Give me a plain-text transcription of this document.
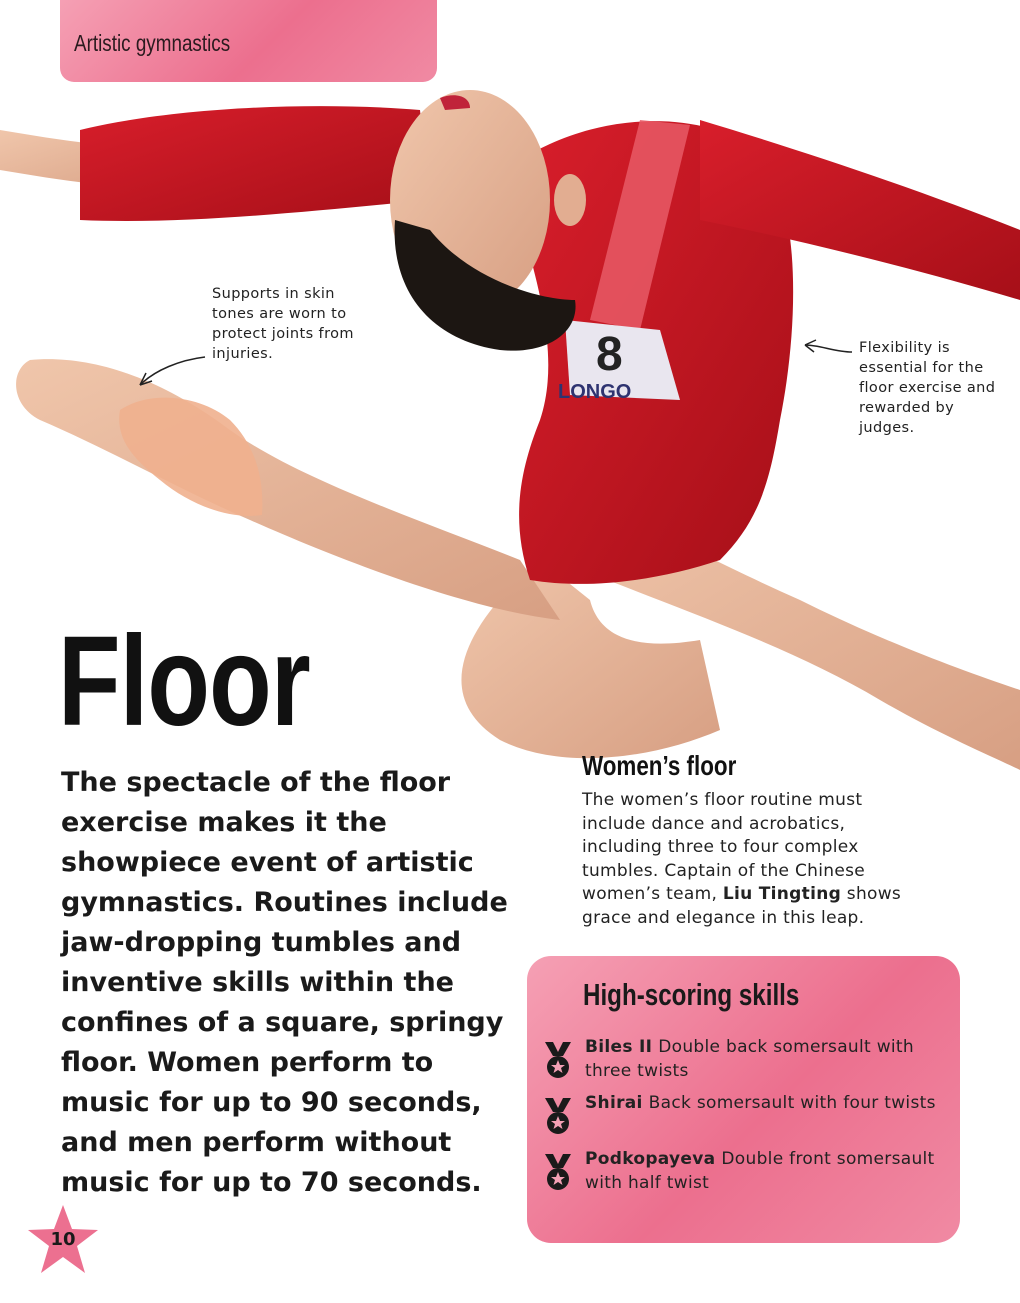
Artistic gymnastics
8
LONGO
Supports in skin tones are worn to protect joints from injuries.	Flexibility is essential for the floor exercise and rewarded by judges.
Floor

The spectacle of the floor exercise makes it the showpiece event of artistic gymnastics. Routines include jaw-dropping tumbles and inventive skills within the confines of a square, springy floor. Women perform to music for up to 90 seconds, and men perform without music for up to 70 seconds.

Women’s floor

The women’s floor routine must include dance and acrobatics, including three to four complex tumbles. Captain of the Chinese women’s team, Liu Tingting shows grace and elegance in this leap.

High-scoring skills
Biles II Double back somersault with three twists
Shirai Back somersault with four twists
Podkopayeva Double front somersault with half twist
10
